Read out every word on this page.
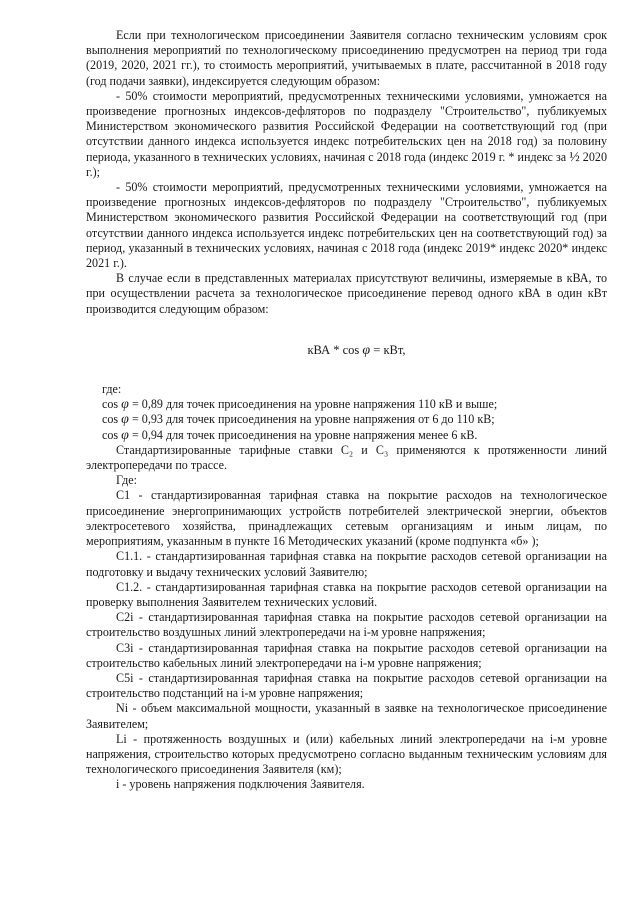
Если при технологическом присоединении Заявителя согласно техническим условиям срок выполнения мероприятий по технологическому присоединению предусмотрен на период три года (2019, 2020, 2021 гг.), то стоимость мероприятий, учитываемых в плате, рассчитанной в 2018 году (год подачи заявки), индексируется следующим образом:

- 50% стоимости мероприятий, предусмотренных техническими условиями, умножается на произведение прогнозных индексов-дефляторов по подразделу "Строительство", публикуемых Министерством экономического развития Российской Федерации на соответствующий год (при отсутствии данного индекса используется индекс потребительских цен на 2018 год) за половину периода, указанного в технических условиях, начиная с 2018 года (индекс 2019 г. * индекс за ½ 2020 г.);

- 50% стоимости мероприятий, предусмотренных техническими условиями, умножается на произведение прогнозных индексов-дефляторов по подразделу "Строительство", публикуемых Министерством экономического развития Российской Федерации на соответствующий год (при отсутствии данного индекса используется индекс потребительских цен на соответствующий год) за период, указанный в технических условиях, начиная с 2018 года (индекс 2019* индекс 2020* индекс 2021 г.).

В случае если в представленных материалах присутствуют величины, измеряемые в кВА, то при осуществлении расчета за технологическое присоединение перевод одного кВА в один кВт производится следующим образом:

кВА * cos φ = кВт,

где:

cos φ = 0,89 для точек присоединения на уровне напряжения 110 кВ и выше;

cos φ = 0,93 для точек присоединения на уровне напряжения от 6 до 110 кВ;

cos φ = 0,94 для точек присоединения на уровне напряжения менее 6 кВ.

Стандартизированные тарифные ставки С₂ и С₃ применяются к протяженности линий электропередачи по трассе.

Где:

С1 - стандартизированная тарифная ставка на покрытие расходов на технологическое присоединение энергопринимающих устройств потребителей электрической энергии, объектов электросетевого хозяйства, принадлежащих сетевым организациям и иным лицам, по мероприятиям, указанным в пункте 16 Методических указаний (кроме подпункта «б» );

С1.1. - стандартизированная тарифная ставка на покрытие расходов сетевой организации на подготовку и выдачу технических условий Заявителю;

С1.2. - стандартизированная тарифная ставка на покрытие расходов сетевой организации на проверку выполнения Заявителем технических условий.

С2i - стандартизированная тарифная ставка на покрытие расходов сетевой организации на строительство воздушных линий электропередачи на i-м уровне напряжения;

С3i - стандартизированная тарифная ставка на покрытие расходов сетевой организации на строительство кабельных линий электропередачи на i-м уровне напряжения;

С5i - стандартизированная тарифная ставка на покрытие расходов сетевой организации на строительство подстанций на i-м уровне напряжения;

Ni - объем максимальной мощности, указанный в заявке на технологическое присоединение Заявителем;

Li - протяженность воздушных и (или) кабельных линий электропередачи на i-м уровне напряжения, строительство которых предусмотрено согласно выданным техническим условиям для технологического присоединения Заявителя (км);

i - уровень напряжения подключения Заявителя.
